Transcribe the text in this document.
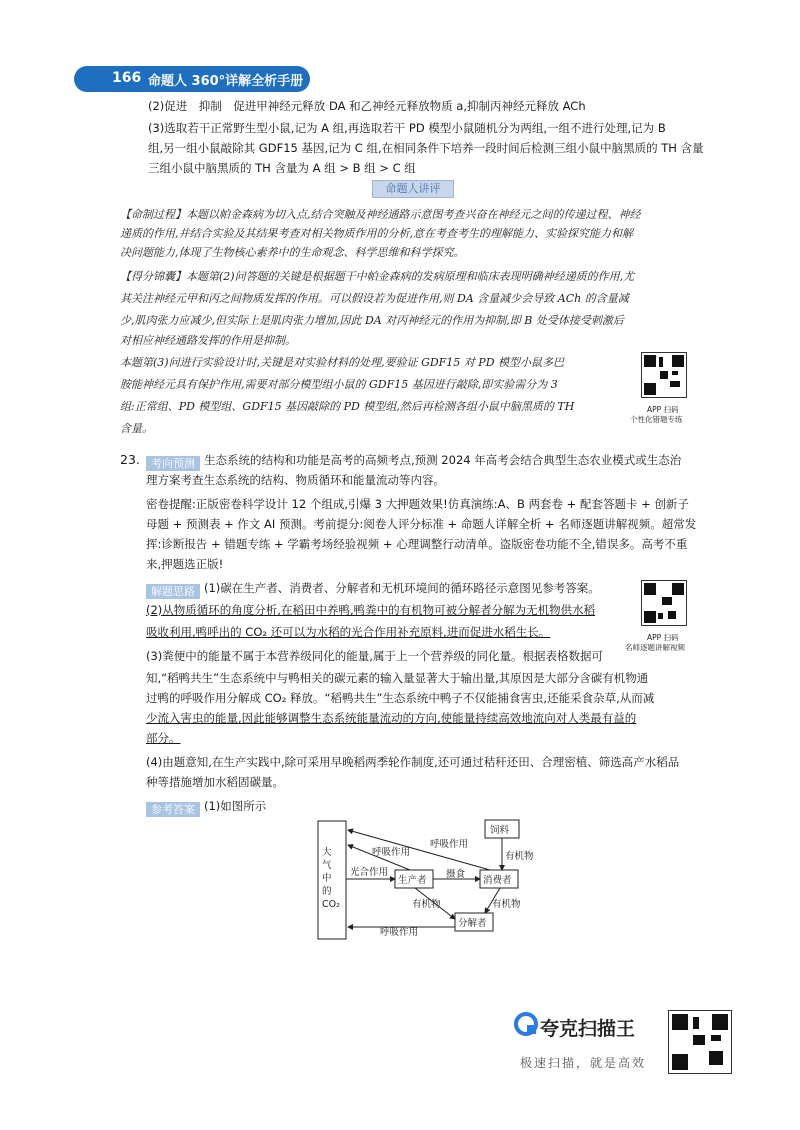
166 命题人 360°详解全析手册
(2)促进　抑制　促进甲神经元释放 DA 和乙神经元释放物质 a,抑制丙神经元释放 ACh
(3)选取若干正常野生型小鼠,记为 A 组,再选取若干 PD 模型小鼠随机分为两组,一组不进行处理,记为 B
组,另一组小鼠敲除其 GDF15 基因,记为 C 组,在相同条件下培养一段时间后检测三组小鼠中脑黑质的 TH 含量
三组小鼠中脑黑质的 TH 含量为 A 组 > B 组 > C 组
命题人讲评
【命制过程】本题以帕金森病为切入点,结合突触及神经通路示意图考查兴奋在神经元之间的传递过程、神经
递质的作用,并结合实验及其结果考查对相关物质作用的分析,意在考查考生的理解能力、实验探究能力和解
决问题能力,体现了生物核心素养中的生命观念、科学思维和科学探究。
【得分锦囊】本题第(2)问答题的关键是根据题干中帕金森病的发病原理和临床表现明确神经递质的作用,尤
其关注神经元甲和丙之间物质发挥的作用。可以假设若为促进作用,则 DA 含量减少会导致 ACh 的含量减
少,肌肉张力应减少,但实际上是肌肉张力增加,因此 DA 对丙神经元的作用为抑制,即 B 处受体接受刺激后
对相应神经通路发挥的作用是抑制。
本题第(3)问进行实验设计时,关键是对实验材料的处理,要验证 GDF15 对 PD 模型小鼠多巴
胺能神经元具有保护作用,需要对部分模型组小鼠的 GDF15 基因进行敲除,即实验需分为 3
组:正常组、PD 模型组、GDF15 基因敲除的 PD 模型组,然后再检测各组小鼠中脑黑质的 TH
含量。
APP 扫码
个性化错题专练
23.	考向预测 生态系统的结构和功能是高考的高频考点,预测 2024 年高考会结合典型生态农业模式或生态治
理方案考查生态系统的结构、物质循环和能量流动等内容。
密卷提醒:正版密卷科学设计 12 个组成,引爆 3 大押题效果!仿真演练:A、B 两套卷 + 配套答题卡 + 创新子
母题 + 预测表 + 作文 AI 预测。考前提分:阅卷人评分标准 + 命题人详解全析 + 名师逐题讲解视频。超常发
挥:诊断报告 + 错题专练 + 学霸考场经验视频 + 心理调整行动清单。盗版密卷功能不全,错误多。高考不重
来,押题选正版!
解题思路 (1)碳在生产者、消费者、分解者和无机环境间的循环路径示意图见参考答案。
(2)从物质循环的角度分析,在稻田中养鸭,鸭粪中的有机物可被分解者分解为无机物供水稻
吸收利用,鸭呼出的 CO₂ 还可以为水稻的光合作用补充原料,进而促进水稻生长。
(3)粪便中的能量不属于本营养级同化的能量,属于上一个营养级的同化量。根据表格数据可
知,“稻鸭共生”生态系统中与鸭相关的碳元素的输入量显著大于输出量,其原因是大部分含碳有机物通
过鸭的呼吸作用分解成 CO₂ 释放。“稻鸭共生”生态系统中鸭子不仅能捕食害虫,还能采食杂草,从而减
少流入害虫的能量,因此能够调整生态系统能量流动的方向,使能量持续高效地流向对人类最有益的
部分。
(4)由题意知,在生产实践中,除可采用早晚稻两季轮作制度,还可通过秸秆还田、合理密植、筛选高产水稻品
种等措施增加水稻固碳量。
APP 扫码
名师逐题讲解视频
参考答案 (1)如图所示
大气中的CO₂
生产者	消费者
分解者
饲料
呼吸作用
呼吸作用
光合作用	摄食
有机物
有机物	有机物
呼吸作用
夸克扫描王
极速扫描，就是高效
